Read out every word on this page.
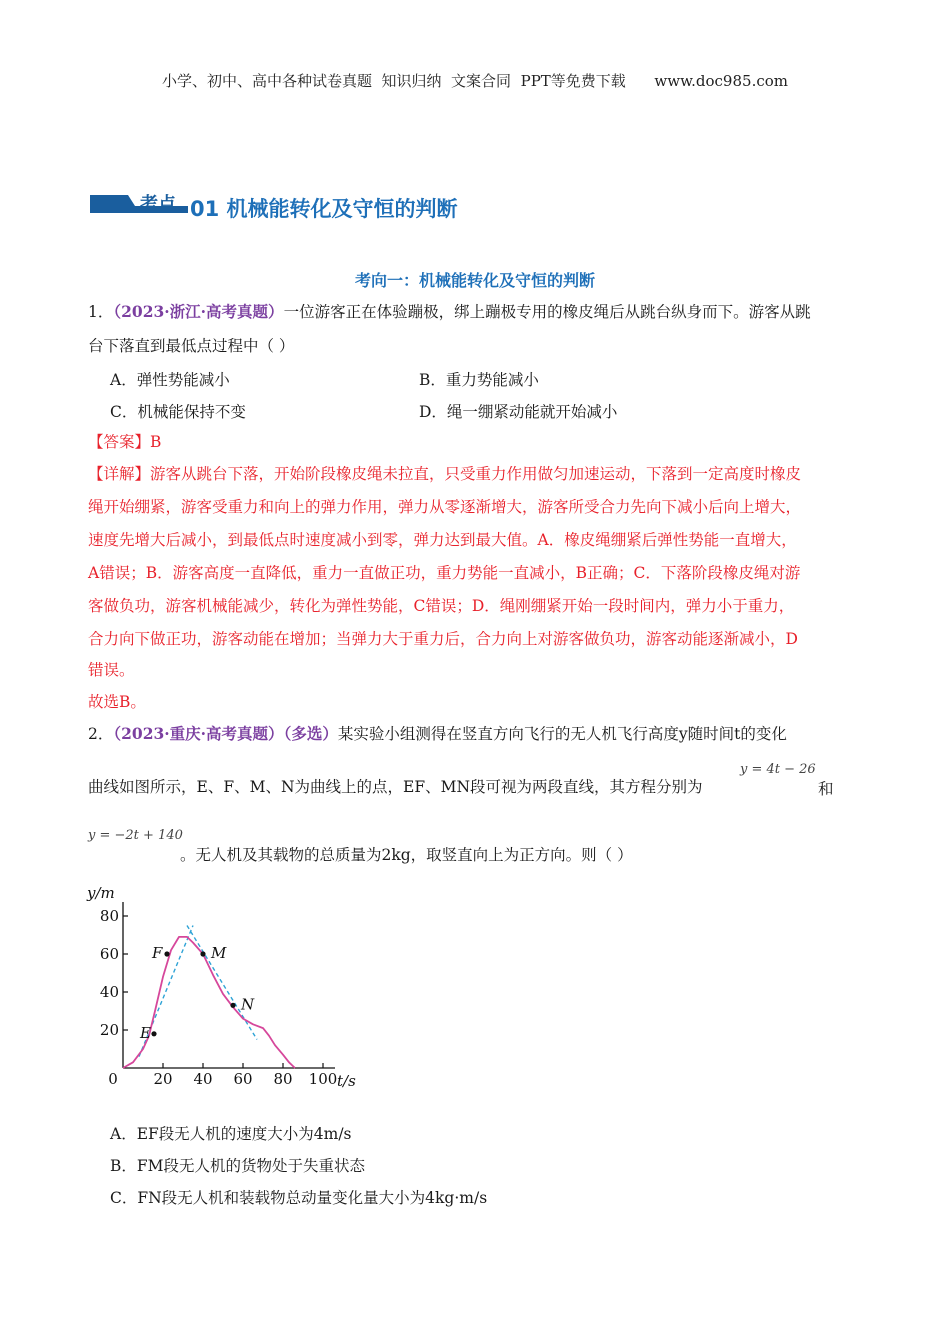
小学、初中、高中各种试卷真题  知识归纳  文案合同  PPT等免费下载      www.doc985.com
考点 01 机械能转化及守恒的判断
考向一：机械能转化及守恒的判断
1．（2023·浙江·高考真题）一位游客正在体验蹦极，绑上蹦极专用的橡皮绳后从跳台纵身而下。游客从跳
台下落直到最低点过程中（ ）
A．弹性势能减小	B．重力势能减小
C．机械能保持不变	D．绳一绷紧动能就开始减小
【答案】B
【详解】游客从跳台下落，开始阶段橡皮绳未拉直，只受重力作用做匀加速运动，下落到一定高度时橡皮
绳开始绷紧，游客受重力和向上的弹力作用，弹力从零逐渐增大，游客所受合力先向下减小后向上增大，
速度先增大后减小，到最低点时速度减小到零，弹力达到最大值。A．橡皮绳绷紧后弹性势能一直增大，
A错误；B．游客高度一直降低，重力一直做正功，重力势能一直减小，B正确；C．下落阶段橡皮绳对游
客做负功，游客机械能减少，转化为弹性势能，C错误；D．绳刚绷紧开始一段时间内，弹力小于重力，
合力向下做正功，游客动能在增加；当弹力大于重力后，合力向上对游客做负功，游客动能逐渐减小，D
错误。
故选B。
2．（2023·重庆·高考真题）（多选）某实验小组测得在竖直方向飞行的无人机飞行高度y随时间t的变化
y = 4t − 26
曲线如图所示，E、F、M、N为曲线上的点，EF、MN段可视为两段直线，其方程分别为	和
y = −2t + 140
。无人机及其载物的总质量为2kg，取竖直向上为正方向。则（ ）
20
40
60
80
0 20 40 60 80 100
y/m
t/s
E
F	M
N
A．EF段无人机的速度大小为4m/s
B．FM段无人机的货物处于失重状态
C．FN段无人机和装载物总动量变化量大小为4kg·m/s
